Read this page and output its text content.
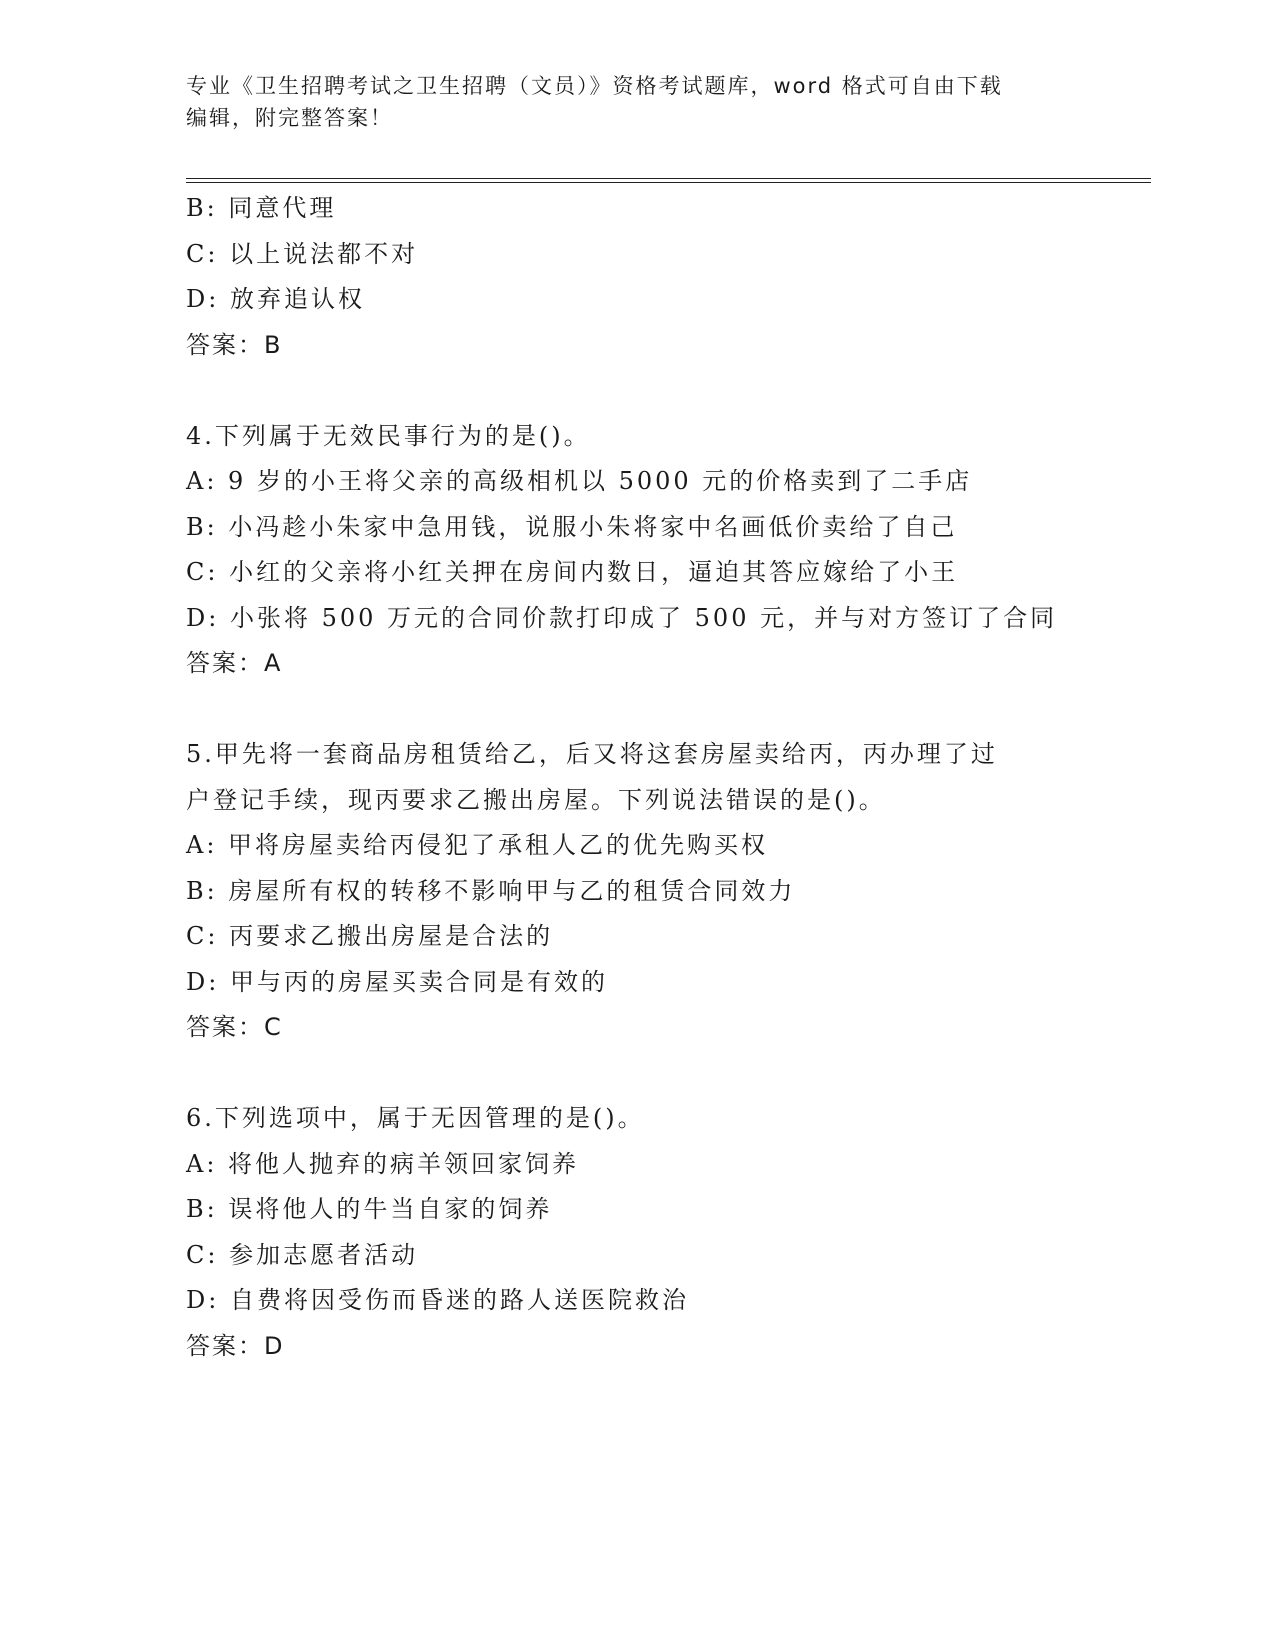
专业《卫生招聘考试之卫生招聘（文员）》资格考试题库，word 格式可自由下载
编辑，附完整答案！
B: 同意代理
C: 以上说法都不对
D: 放弃追认权
答案：B
4.下列属于无效民事行为的是()。
A: 9 岁的小王将父亲的高级相机以 5000 元的价格卖到了二手店
B: 小冯趁小朱家中急用钱，说服小朱将家中名画低价卖给了自己
C: 小红的父亲将小红关押在房间内数日，逼迫其答应嫁给了小王
D: 小张将 500 万元的合同价款打印成了 500 元，并与对方签订了合同
答案：A
5.甲先将一套商品房租赁给乙，后又将这套房屋卖给丙，丙办理了过
户登记手续，现丙要求乙搬出房屋。下列说法错误的是()。
A: 甲将房屋卖给丙侵犯了承租人乙的优先购买权
B: 房屋所有权的转移不影响甲与乙的租赁合同效力
C: 丙要求乙搬出房屋是合法的
D: 甲与丙的房屋买卖合同是有效的
答案：C
6.下列选项中，属于无因管理的是()。
A: 将他人抛弃的病羊领回家饲养
B: 误将他人的牛当自家的饲养
C: 参加志愿者活动
D: 自费将因受伤而昏迷的路人送医院救治
答案：D
